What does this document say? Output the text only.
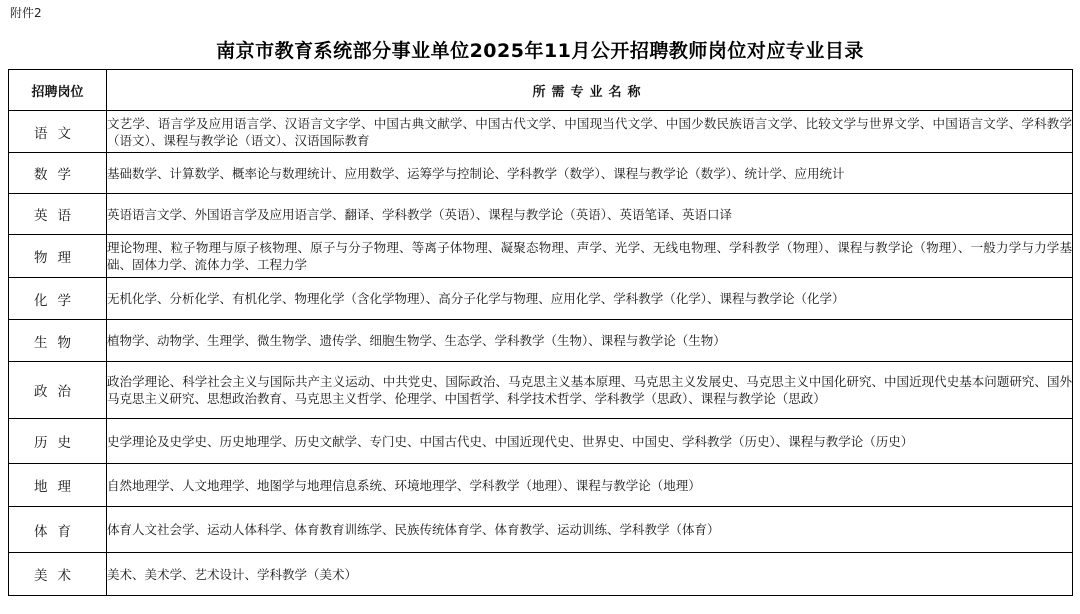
附件2
南京市教育系统部分事业单位2025年11月公开招聘教师岗位对应专业目录
招聘岗位	所需专业名称
语文	文艺学、语言学及应用语言学、汉语言文字学、中国古典文献学、中国古代文学、中国现当代文学、中国少数民族语言文学、比较文学与世界文学、中国语言文学、学科教学（语文）、课程与教学论（语文）、汉语国际教育
数学	基础数学、计算数学、概率论与数理统计、应用数学、运筹学与控制论、学科教学（数学）、课程与教学论（数学）、统计学、应用统计
英语	英语语言文学、外国语言学及应用语言学、翻译、学科教学（英语）、课程与教学论（英语）、英语笔译、英语口译
物理	理论物理、粒子物理与原子核物理、原子与分子物理、等离子体物理、凝聚态物理、声学、光学、无线电物理、学科教学（物理）、课程与教学论（物理）、一般力学与力学基础、固体力学、流体力学、工程力学
化学	无机化学、分析化学、有机化学、物理化学（含化学物理）、高分子化学与物理、应用化学、学科教学（化学）、课程与教学论（化学）
生物	植物学、动物学、生理学、微生物学、遗传学、细胞生物学、生态学、学科教学（生物）、课程与教学论（生物）
政治	政治学理论、科学社会主义与国际共产主义运动、中共党史、国际政治、马克思主义基本原理、马克思主义发展史、马克思主义中国化研究、中国近现代史基本问题研究、国外马克思主义研究、思想政治教育、马克思主义哲学、伦理学、中国哲学、科学技术哲学、学科教学（思政）、课程与教学论（思政）
历史	史学理论及史学史、历史地理学、历史文献学、专门史、中国古代史、中国近现代史、世界史、中国史、学科教学（历史）、课程与教学论（历史）
地理	自然地理学、人文地理学、地图学与地理信息系统、环境地理学、学科教学（地理）、课程与教学论（地理）
体育	体育人文社会学、运动人体科学、体育教育训练学、民族传统体育学、体育教学、运动训练、学科教学（体育）
美术	美术、美术学、艺术设计、学科教学（美术）
